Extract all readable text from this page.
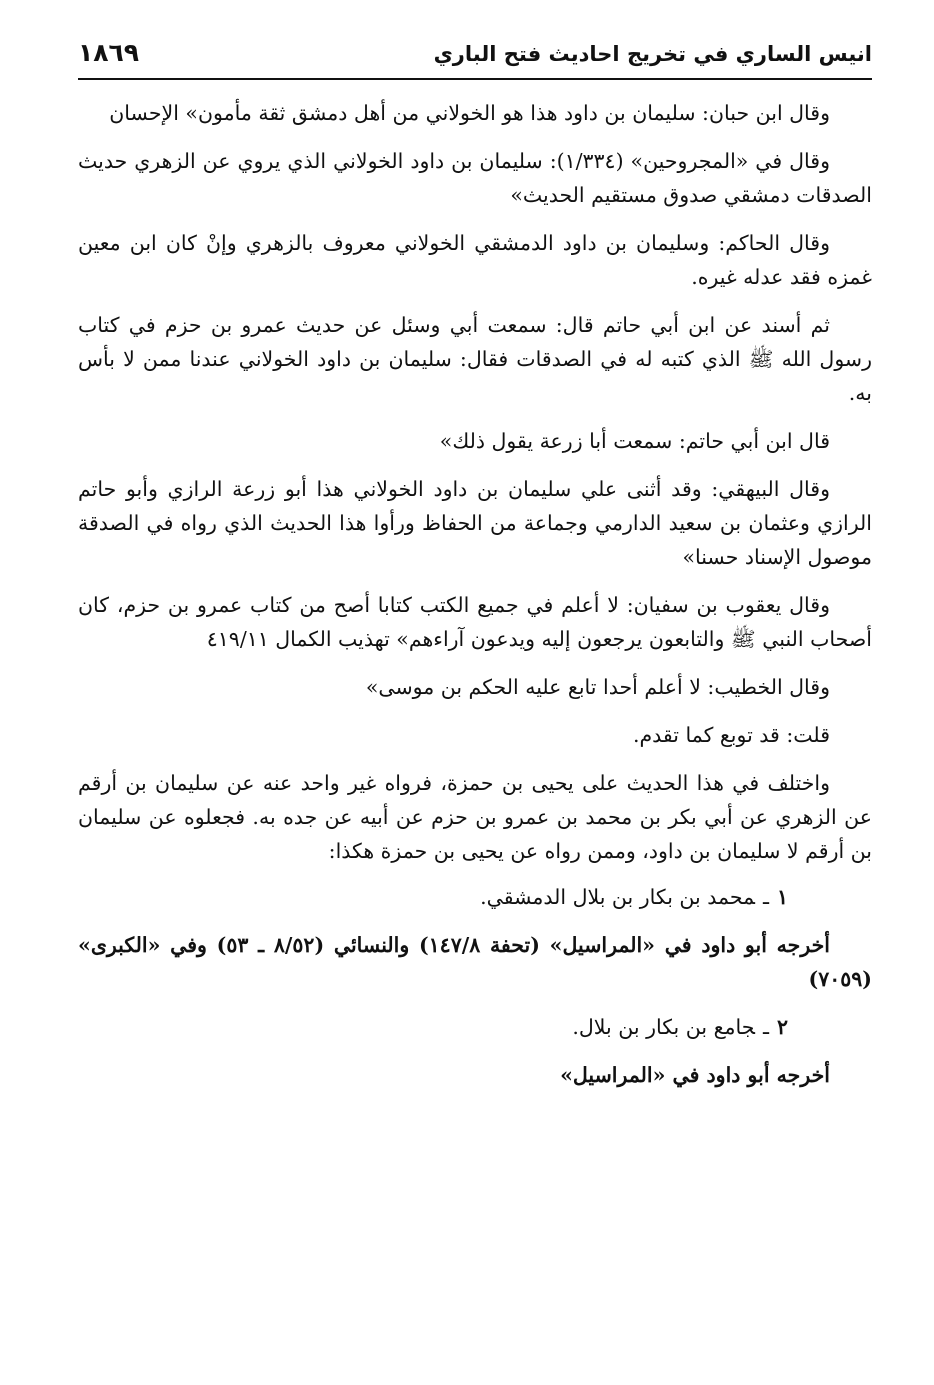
انيس الساري في تخريج احاديث فتح الباري
١٨٦٩

وقال ابن حبان: سليمان بن داود هذا هو الخولاني من أهل دمشق ثقة مأمون» الإحسان

وقال في «المجروحين» (١/٣٣٤): سليمان بن داود الخولاني الذي يروي عن الزهري حديث الصدقات دمشقي صدوق مستقيم الحديث»

وقال الحاكم: وسليمان بن داود الدمشقي الخولاني معروف بالزهري وإنْ كان ابن معين غمزه فقد عدله غيره.

ثم أسند عن ابن أبي حاتم قال: سمعت أبي وسئل عن حديث عمرو بن حزم في كتاب رسول الله ﷺ الذي كتبه له في الصدقات فقال: سليمان بن داود الخولاني عندنا ممن لا بأس به.

قال ابن أبي حاتم: سمعت أبا زرعة يقول ذلك»

وقال البيهقي: وقد أثنى علي سليمان بن داود الخولاني هذا أبو زرعة الرازي وأبو حاتم الرازي وعثمان بن سعيد الدارمي وجماعة من الحفاظ ورأوا هذا الحديث الذي رواه في الصدقة موصول الإسناد حسنا»

وقال يعقوب بن سفيان: لا أعلم في جميع الكتب كتابا أصح من كتاب عمرو بن حزم، كان أصحاب النبي ﷺ والتابعون يرجعون إليه ويدعون آراءهم» تهذيب الكمال ٤١٩/١١

وقال الخطيب: لا أعلم أحدا تابع عليه الحكم بن موسى»

قلت: قد توبع كما تقدم.

واختلف في هذا الحديث على يحيى بن حمزة، فرواه غير واحد عنه عن سليمان بن أرقم عن الزهري عن أبي بكر بن محمد بن عمرو بن حزم عن أبيه عن جده به. فجعلوه عن سليمان بن أرقم لا سليمان بن داود، وممن رواه عن يحيى بن حمزة هكذا:

١ـمحمد بن بكار بن بلال الدمشقي.

أخرجه أبو داود في «المراسيل» (تحفة ١٤٧/٨) والنسائي (٨/٥٢ ـ ٥٣) وفي «الكبرى» (٧٠٥٩)

٢ـجامع بن بكار بن بلال.

أخرجه أبو داود في «المراسيل»
